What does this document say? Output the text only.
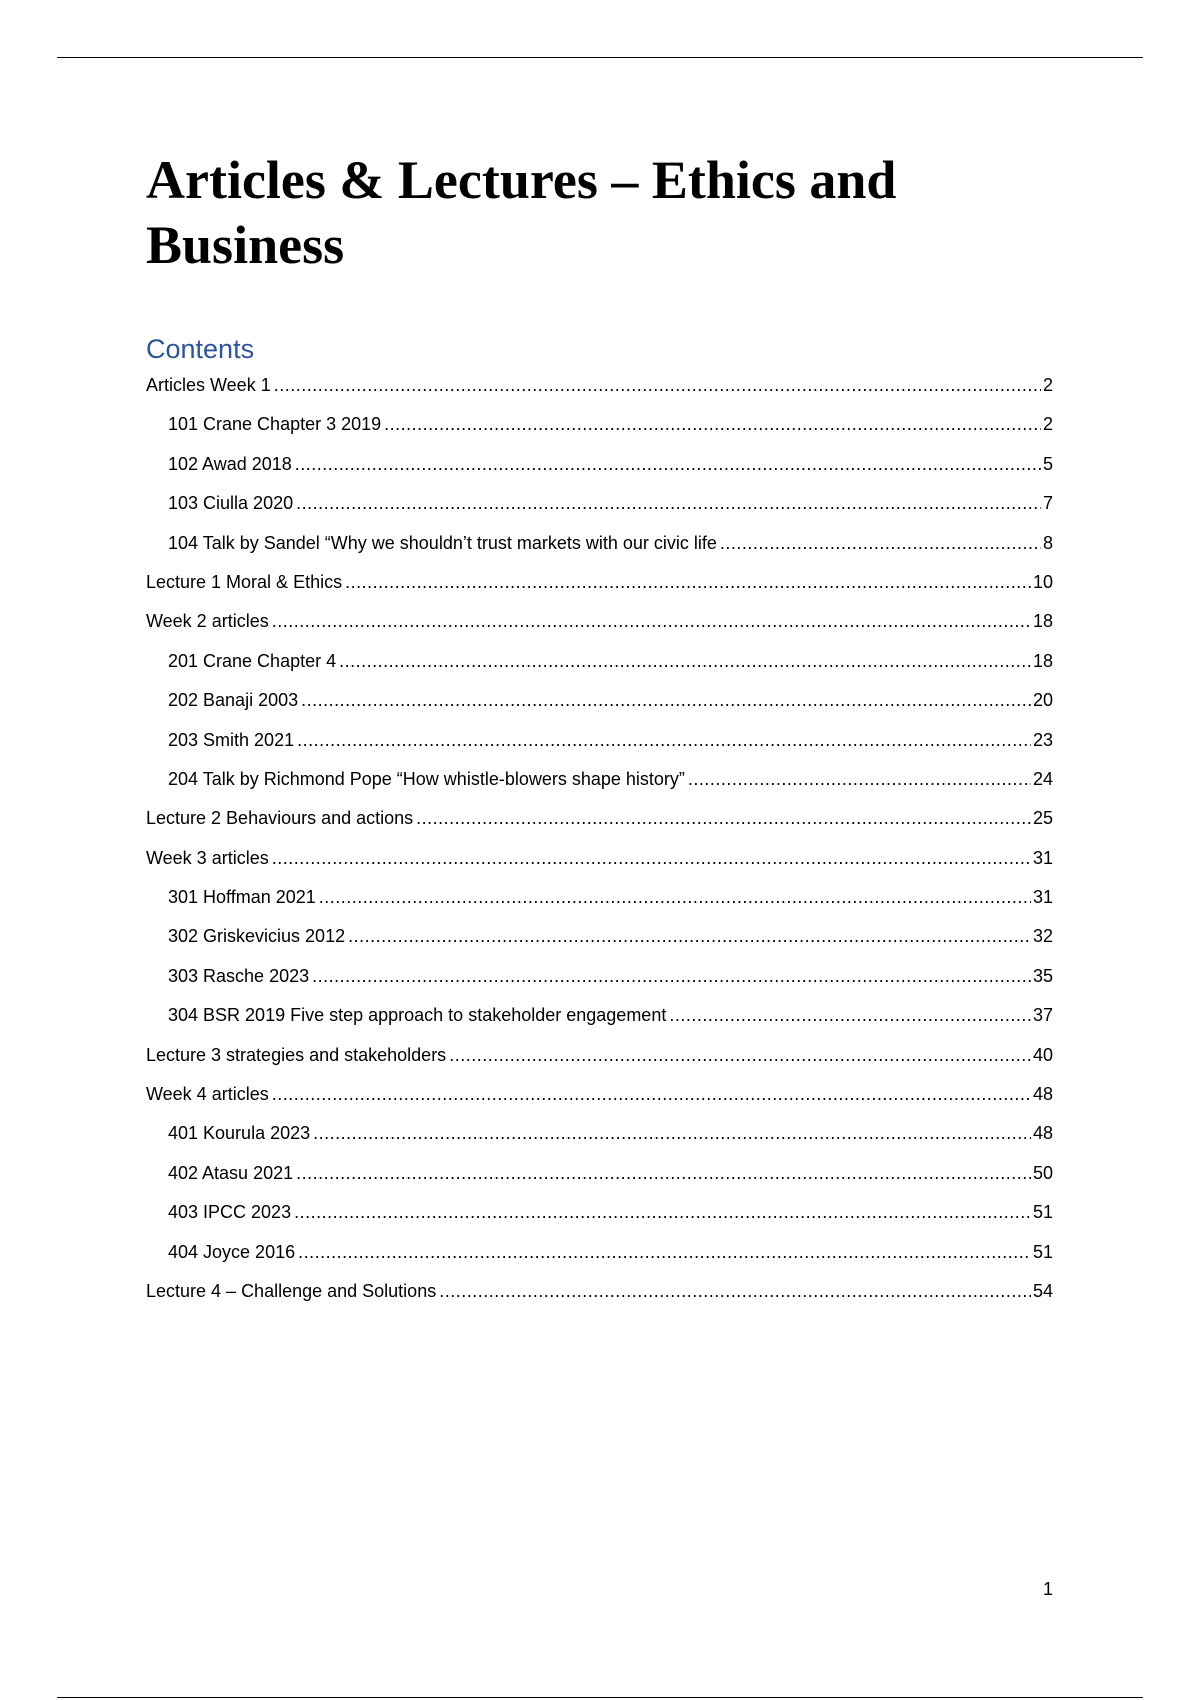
Articles & Lectures – Ethics and Business
Contents
Articles Week 1 .....	2
101 Crane Chapter 3 2019 .....	2
102 Awad 2018 .....	5
103 Ciulla 2020 .....	7
104 Talk by Sandel “Why we shouldn’t trust markets with our civic life .....	8
Lecture 1 Moral & Ethics .....	10
Week 2 articles .....	18
201 Crane Chapter 4 .....	18
202 Banaji 2003 .....	20
203 Smith 2021 .....	23
204 Talk by Richmond Pope “How whistle-blowers shape history” .....	24
Lecture 2 Behaviours and actions .....	25
Week 3 articles .....	31
301 Hoffman 2021 .....	31
302 Griskevicius 2012 .....	32
303 Rasche 2023 .....	35
304 BSR 2019 Five step approach to stakeholder engagement .....	37
Lecture 3 strategies and stakeholders .....	40
Week 4 articles .....	48
401 Kourula 2023 .....	48
402 Atasu 2021 .....	50
403 IPCC 2023 .....	51
404 Joyce 2016 .....	51
Lecture 4 – Challenge and Solutions .....	54
1
